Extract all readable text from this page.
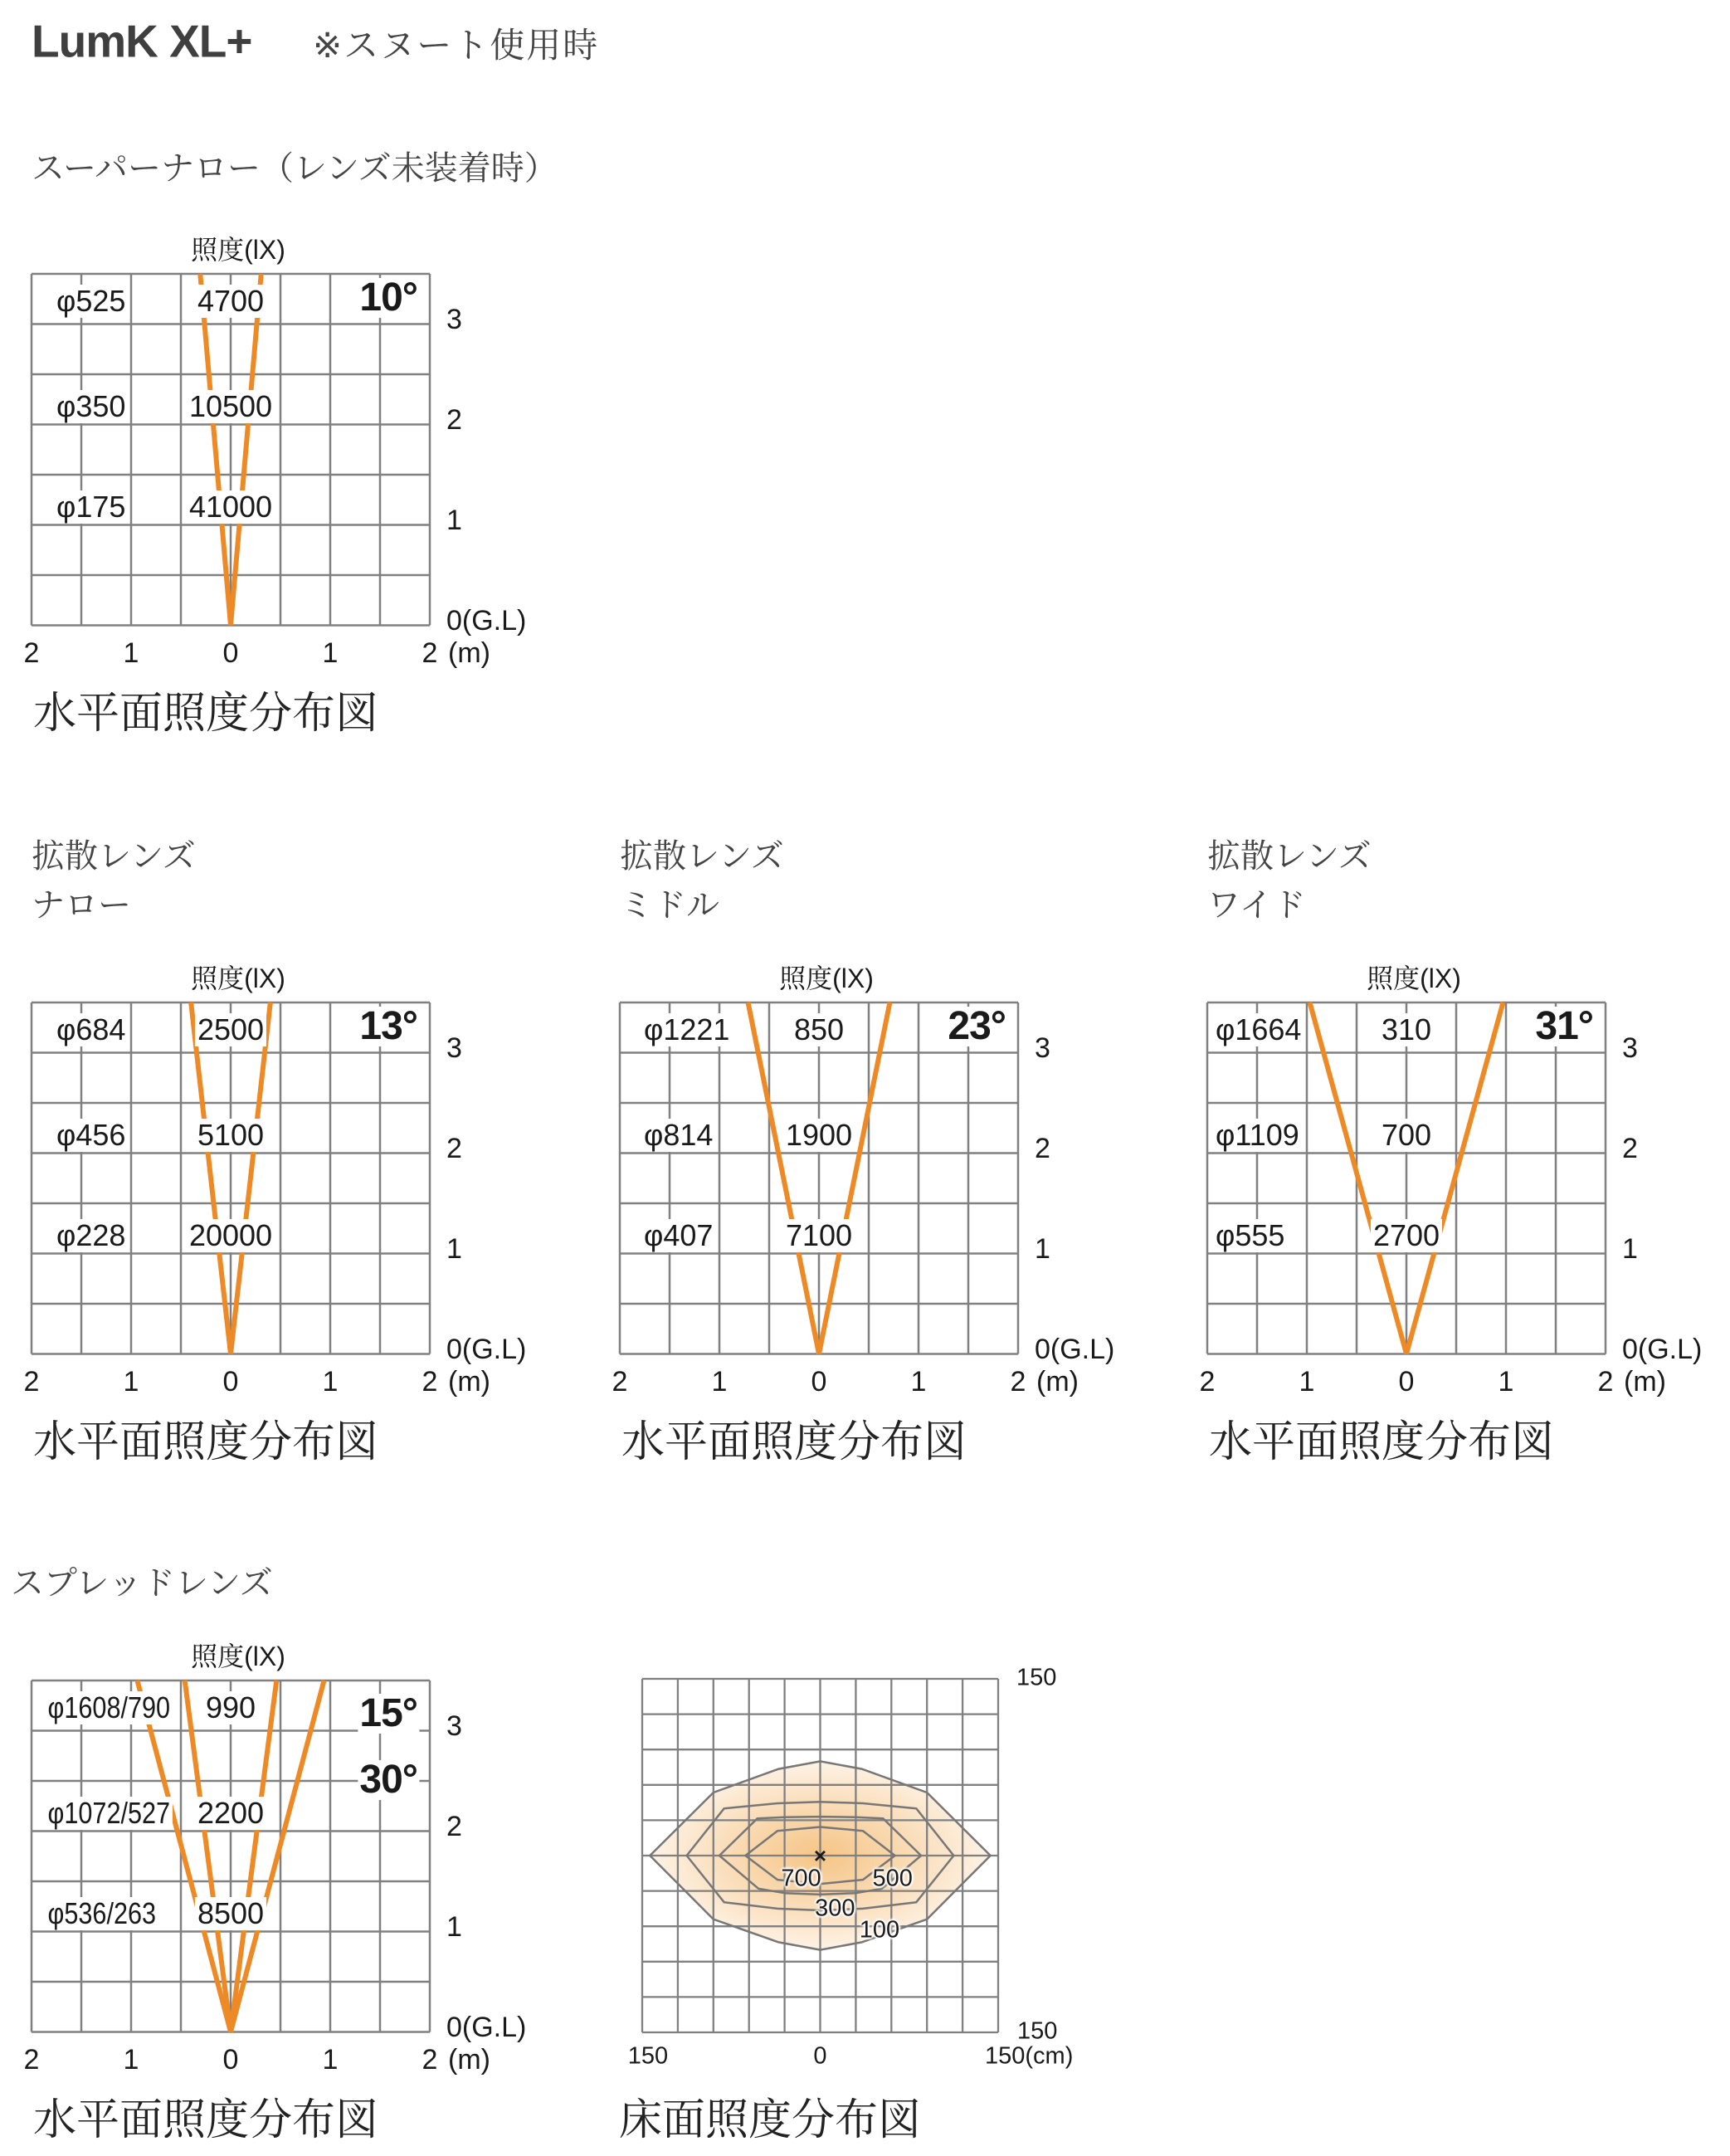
LumK XL+ ※スヌート使用時
スーパーナロー（レンズ未装着時）
拡散レンズ
ナロー
拡散レンズ
ミドル
拡散レンズ
ワイド
スプレッドレンズ
照度(lX)
φ525 4700
φ350 10500
φ175 41000
10° 3
2
1
0(G.L)
2	1	0	1	2 (m)
水平面照度分布図
照度(lX)
φ684 2500
φ456 5100
φ228 20000
13° 3
2
1
0(G.L)
2	1	0	1	2 (m)
水平面照度分布図
照度(lX)
φ1221 850
φ814 1900
φ407 7100
23° 3
2
1
0(G.L)
2	1	0	1	2 (m)
水平面照度分布図
照度(lX)
φ1664	310
φ1109	700
φ555	2700
31° 3
2
1
0(G.L)
2	1	0	1	2 (m)
水平面照度分布図
照度(lX)
φ1608/790 990
φ1072/527 2200
φ536/263 8500
15°
30°
3
2
1
0(G.L)
2	1	0	1	2 (m)
水平面照度分布図
×
100
300
500
700
150
150
150	0	150(cm)
床面照度分布図
